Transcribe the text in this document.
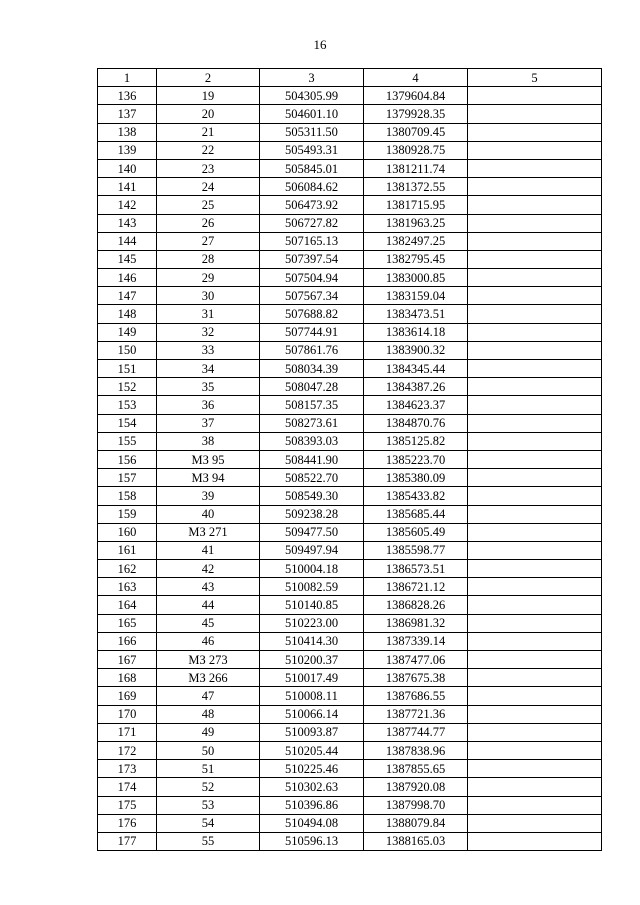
16
1	2	3	4	5
136	19	504305.99	1379604.84	
137	20	504601.10	1379928.35	
138	21	505311.50	1380709.45	
139	22	505493.31	1380928.75	
140	23	505845.01	1381211.74	
141	24	506084.62	1381372.55	
142	25	506473.92	1381715.95	
143	26	506727.82	1381963.25	
144	27	507165.13	1382497.25	
145	28	507397.54	1382795.45	
146	29	507504.94	1383000.85	
147	30	507567.34	1383159.04	
148	31	507688.82	1383473.51	
149	32	507744.91	1383614.18	
150	33	507861.76	1383900.32	
151	34	508034.39	1384345.44	
152	35	508047.28	1384387.26	
153	36	508157.35	1384623.37	
154	37	508273.61	1384870.76	
155	38	508393.03	1385125.82	
156	МЗ 95	508441.90	1385223.70	
157	МЗ 94	508522.70	1385380.09	
158	39	508549.30	1385433.82	
159	40	509238.28	1385685.44	
160	МЗ 271	509477.50	1385605.49	
161	41	509497.94	1385598.77	
162	42	510004.18	1386573.51	
163	43	510082.59	1386721.12	
164	44	510140.85	1386828.26	
165	45	510223.00	1386981.32	
166	46	510414.30	1387339.14	
167	МЗ 273	510200.37	1387477.06	
168	МЗ 266	510017.49	1387675.38	
169	47	510008.11	1387686.55	
170	48	510066.14	1387721.36	
171	49	510093.87	1387744.77	
172	50	510205.44	1387838.96	
173	51	510225.46	1387855.65	
174	52	510302.63	1387920.08	
175	53	510396.86	1387998.70	
176	54	510494.08	1388079.84	
177	55	510596.13	1388165.03	
